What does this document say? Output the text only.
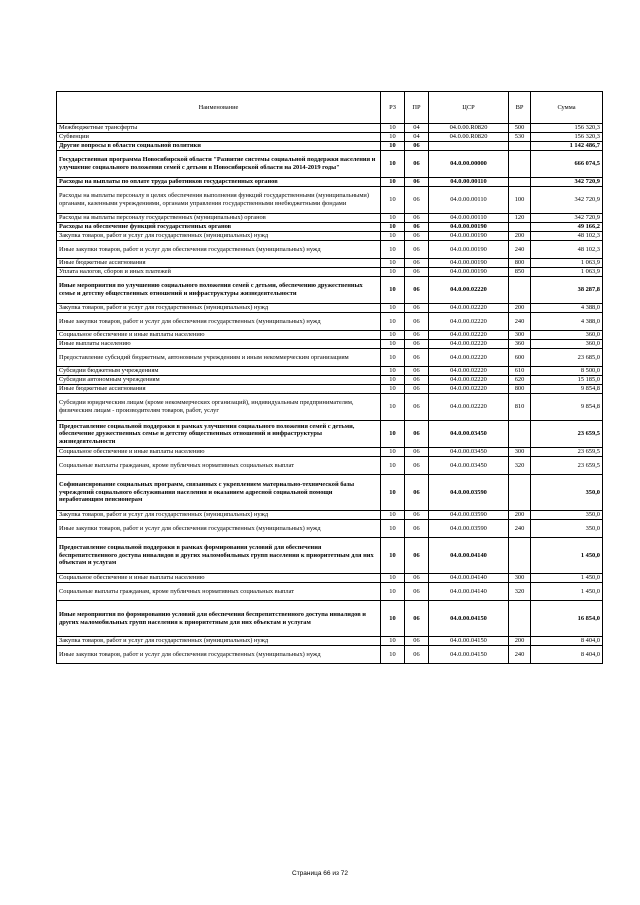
Наименование	РЗ	ПР	ЦСР	ВР	Сумма
Межбюджетные трансферты	10	04	04.0.00.R0820	500	156 320,3
Субвенции	10	04	04.0.00.R0820	530	156 320,3
Другие вопросы в области социальной политики	10	06			1 142 486,7
Государственная программа Новосибирской области "Развитие системы социальной поддержки населения и улучшение социального положения семей с детьми в Новосибирской области на 2014-2019 годы"	10	06	04.0.00.00000		666 074,5
Расходы на выплаты по оплате труда работников государственных органов	10	06	04.0.00.00110		342 720,9
Расходы на выплаты персоналу в целях обеспечения выполнения функций государственными (муниципальными) органами, казенными учреждениями, органами управления государственными внебюджетными фондами	10	06	04.0.00.00110	100	342 720,9
Расходы на выплаты персоналу государственных (муниципальных) органов	10	06	04.0.00.00110	120	342 720,9
Расходы на обеспечение функций государственных органов	10	06	04.0.00.00190		49 166,2
Закупка товаров, работ и услуг для государственных (муниципальных) нужд	10	06	04.0.00.00190	200	48 102,3
Иные закупки товаров, работ и услуг для обеспечения государственных (муниципальных) нужд	10	06	04.0.00.00190	240	48 102,3
Иные бюджетные ассигнования	10	06	04.0.00.00190	800	1 063,9
Уплата налогов, сборов и иных платежей	10	06	04.0.00.00190	850	1 063,9
Иные мероприятия по улучшению социального положения семей с детьми, обеспечению дружественных семье и детству общественных отношений и инфраструктуры жизнедеятельности	10	06	04.0.00.02220		38 287,8
Закупка товаров, работ и услуг для государственных (муниципальных) нужд	10	06	04.0.00.02220	200	4 388,0
Иные закупки товаров, работ и услуг для обеспечения государственных (муниципальных) нужд	10	06	04.0.00.02220	240	4 388,0
Социальное обеспечение и иные выплаты населению	10	06	04.0.00.02220	300	360,0
Иные выплаты населению	10	06	04.0.00.02220	360	360,0
Предоставление субсидий бюджетным, автономным учреждениям и иным некоммерческим организациям	10	06	04.0.00.02220	600	23 685,0
Субсидии бюджетным учреждениям	10	06	04.0.00.02220	610	8 500,0
Субсидии автономным учреждениям	10	06	04.0.00.02220	620	15 185,0
Иные бюджетные ассигнования	10	06	04.0.00.02220	800	9 854,8
Субсидии юридическим лицам (кроме некоммерческих организаций), индивидуальным предпринимателям, физическим лицам - производителям товаров, работ, услуг	10	06	04.0.00.02220	810	9 854,8
Предоставление социальной поддержки в рамках улучшения социального положения семей с детьми, обеспечение дружественных семье и детству общественных отношений и инфраструктуры жизнедеятельности	10	06	04.0.00.03450		23 659,5
Социальное обеспечение и иные выплаты населению	10	06	04.0.00.03450	300	23 659,5
Социальные выплаты гражданам, кроме публичных нормативных социальных выплат	10	06	04.0.00.03450	320	23 659,5
Софинансирование социальных программ, связанных с укреплением материально-технической базы учреждений социального обслуживания населения и оказанием адресной социальной помощи неработающим пенсионерам	10	06	04.0.00.03590		350,0
Закупка товаров, работ и услуг для государственных (муниципальных) нужд	10	06	04.0.00.03590	200	350,0
Иные закупки товаров, работ и услуг для обеспечения государственных (муниципальных) нужд	10	06	04.0.00.03590	240	350,0
Предоставление социальной поддержки в рамках формирования условий для обеспечения беспрепятственного доступа инвалидов и других маломобильных групп населения к приоритетным для них объектам и услугам	10	06	04.0.00.04140		1 450,0
Социальное обеспечение и иные выплаты населению	10	06	04.0.00.04140	300	1 450,0
Социальные выплаты гражданам, кроме публичных нормативных социальных выплат	10	06	04.0.00.04140	320	1 450,0
Иные мероприятия по формированию условий для обеспечения беспрепятственного доступа инвалидов и других маломобильных групп населения к приоритетным для них объектам и услугам	10	06	04.0.00.04150		16 854,0
Закупка товаров, работ и услуг для государственных (муниципальных) нужд	10	06	04.0.00.04150	200	8 404,0
Иные закупки товаров, работ и услуг для обеспечения государственных (муниципальных) нужд	10	06	04.0.00.04150	240	8 404,0
Страница 66 из 72
